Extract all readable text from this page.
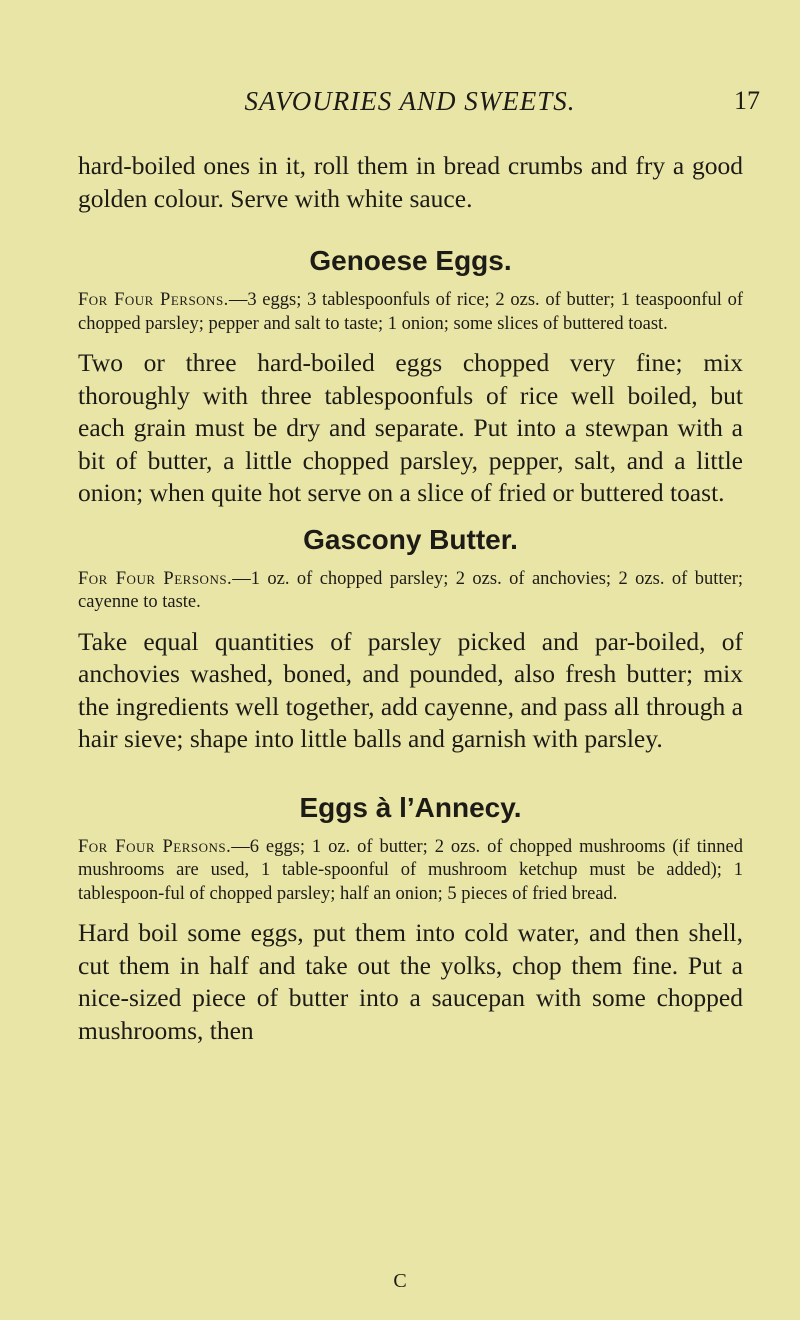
SAVOURIES AND SWEETS.	17

hard-boiled ones in it, roll them in bread crumbs and fry a good golden colour. Serve with white sauce.

Genoese Eggs.

For Four Persons.—3 eggs; 3 tablespoonfuls of rice; 2 ozs. of butter; 1 teaspoonful of chopped parsley; pepper and salt to taste; 1 onion; some slices of buttered toast.

Two or three hard-boiled eggs chopped very fine; mix thoroughly with three tablespoonfuls of rice well boiled, but each grain must be dry and separate. Put into a stewpan with a bit of butter, a little chopped parsley, pepper, salt, and a little onion; when quite hot serve on a slice of fried or buttered toast.

Gascony Butter.

For Four Persons.—1 oz. of chopped parsley; 2 ozs. of anchovies; 2 ozs. of butter; cayenne to taste.

Take equal quantities of parsley picked and par-boiled, of anchovies washed, boned, and pounded, also fresh butter; mix the ingredients well together, add cayenne, and pass all through a hair sieve; shape into little balls and garnish with parsley.

Eggs à l’Annecy.

For Four Persons.—6 eggs; 1 oz. of butter; 2 ozs. of chopped mushrooms (if tinned mushrooms are used, 1 table-spoonful of mushroom ketchup must be added); 1 tablespoon-ful of chopped parsley; half an onion; 5 pieces of fried bread.

Hard boil some eggs, put them into cold water, and then shell, cut them in half and take out the yolks, chop them fine. Put a nice-sized piece of butter into a saucepan with some chopped mushrooms, then

C
